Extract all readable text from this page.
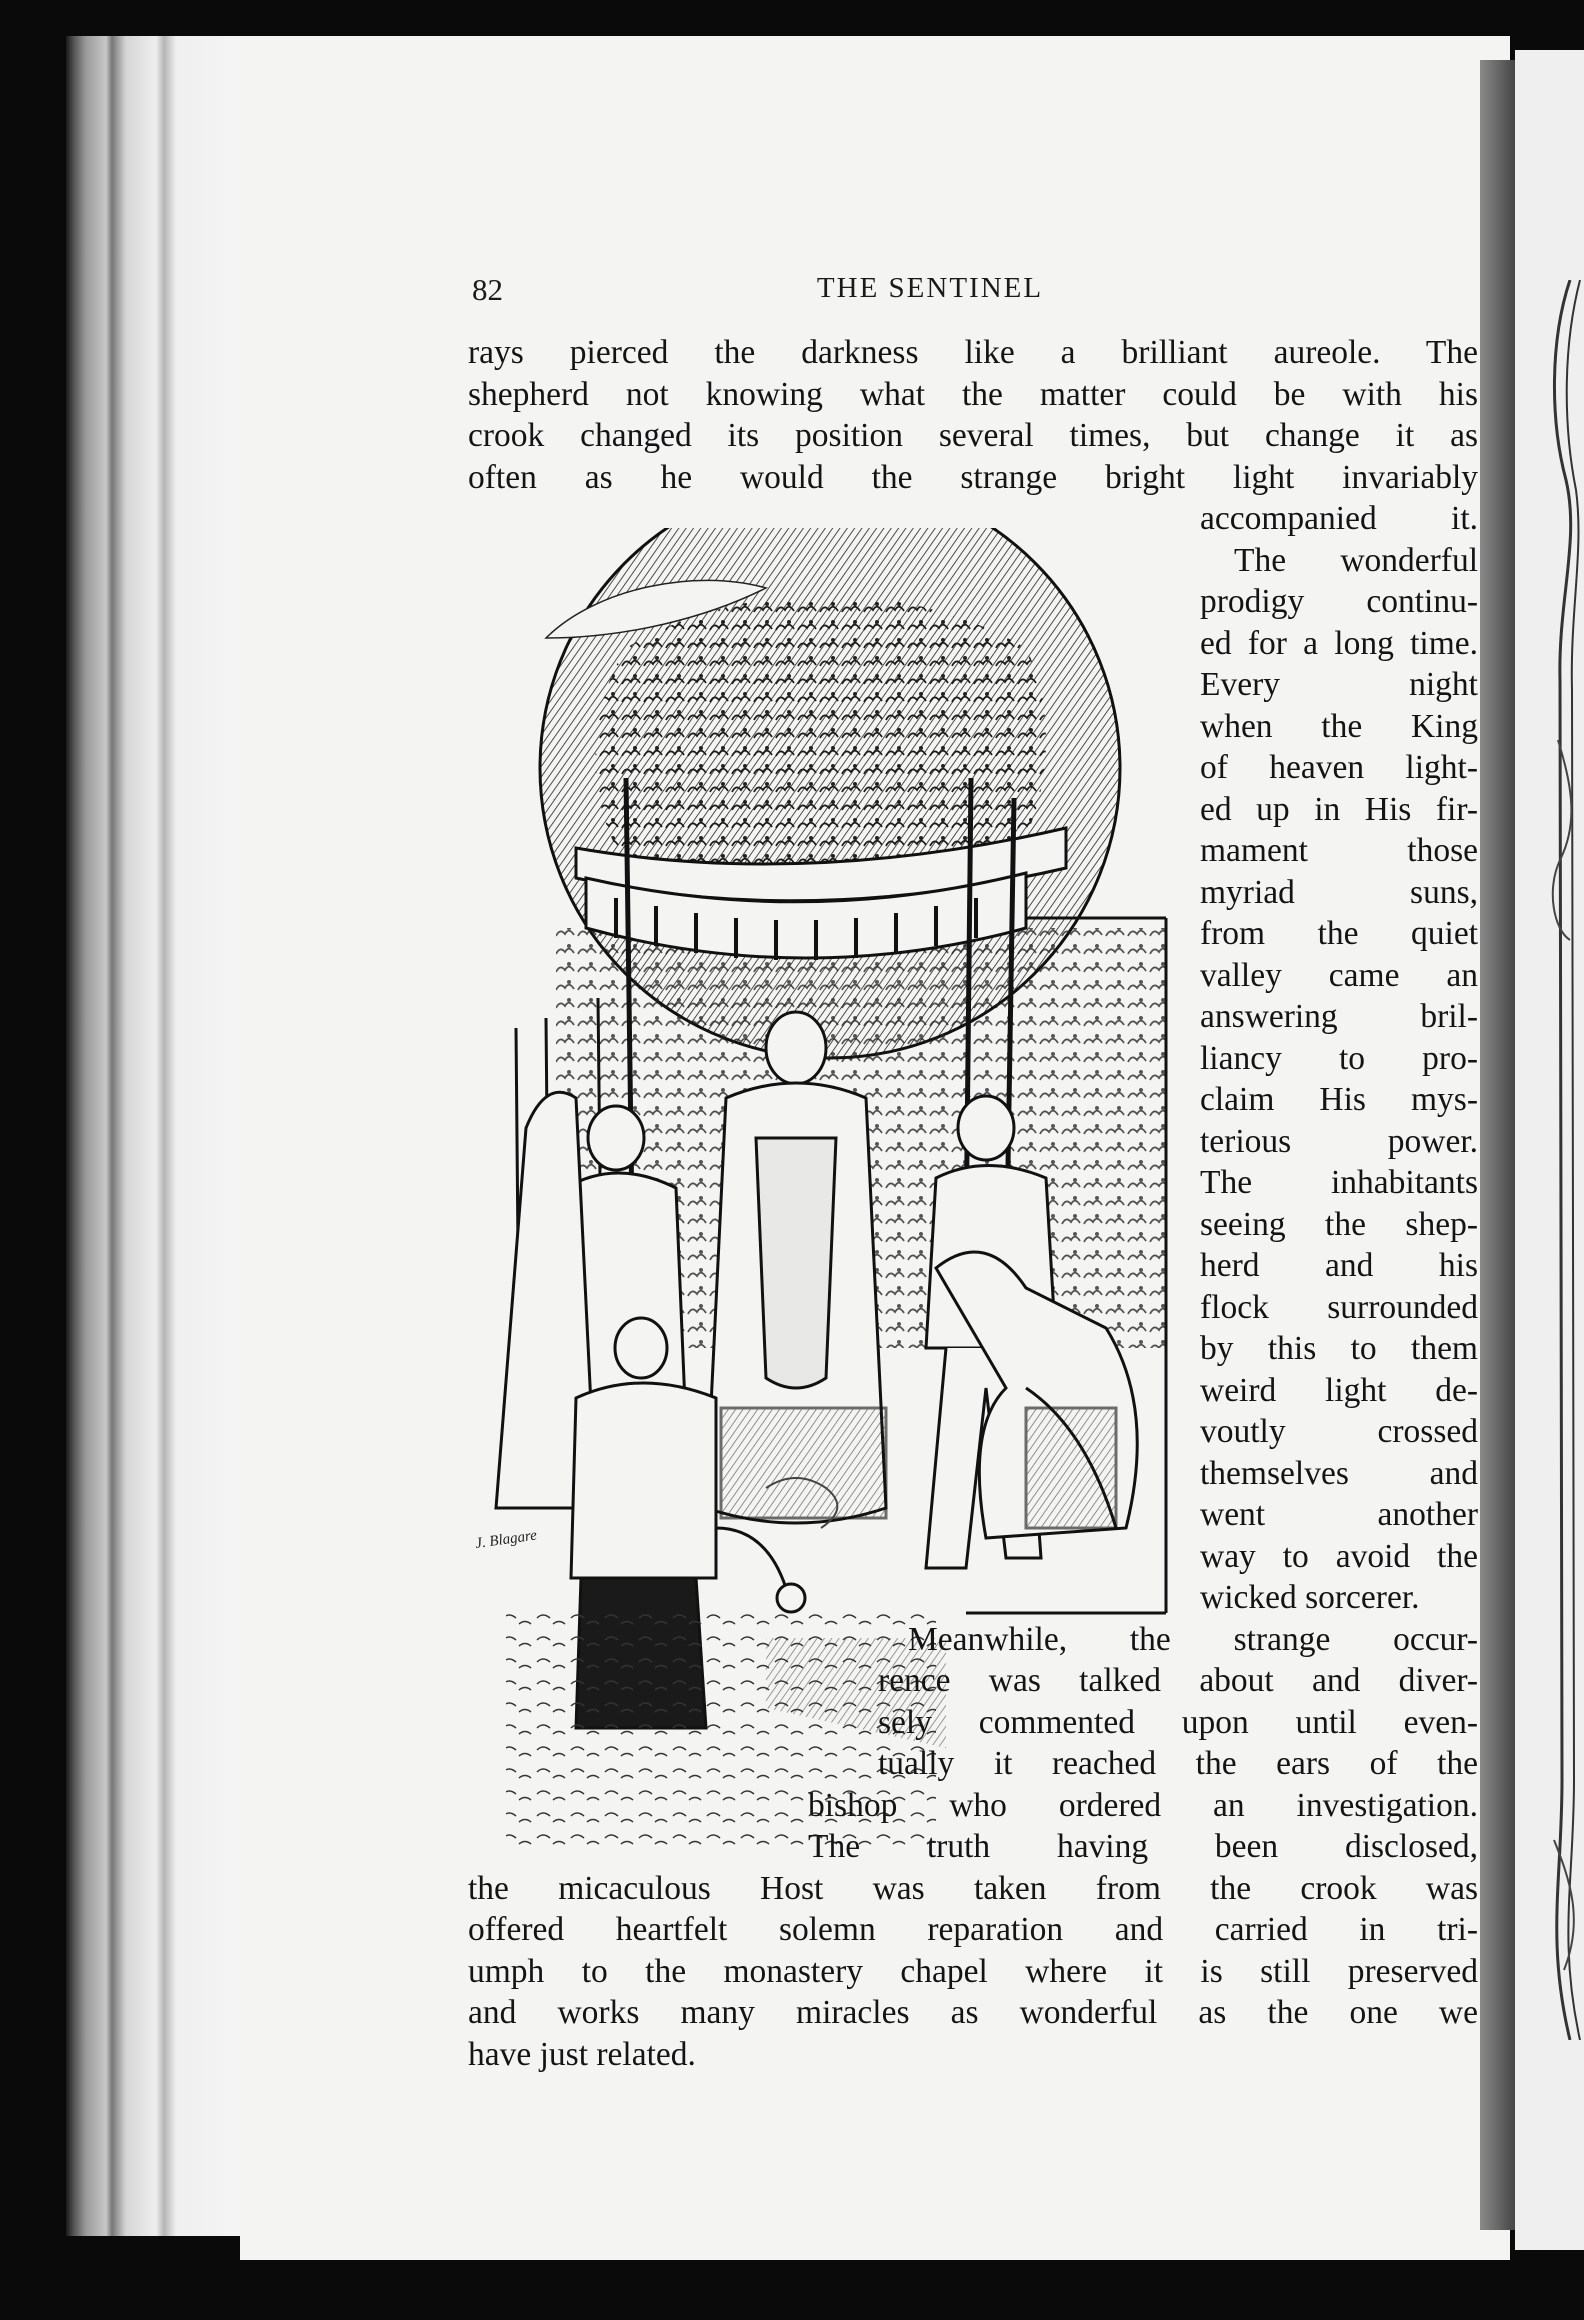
82	THE SENTINEL
J. Blagare
rays pierced the darkness like a brilliant aureole. The
shepherd not knowing what the matter could be with his
crook changed its position several times, but change it as
often as he would the strange bright light invariably
accompanied it.
The wonderful
prodigy continu-
ed for a long time.
Every night
when the King
of heaven light-
ed up in His fir-
mament those
myriad suns,
from the quiet
valley came an
answering bril-
liancy to pro-
claim His mys-
terious power.
The inhabitants
seeing the shep-
herd and his
flock surrounded
by this to them
weird light de-
voutly crossed
themselves and
went another
way to avoid the
wicked sorcerer.
Meanwhile, the strange occur-
rence was talked about and diver-
sely commented upon until even-
tually it reached the ears of the
bishop who ordered an investigation.
The truth having been disclosed,
the micaculous Host was taken from the crook was
offered heartfelt solemn reparation and carried in tri-
umph to the monastery chapel where it is still preserved
and works many miracles as wonderful as the one we
have just related.
